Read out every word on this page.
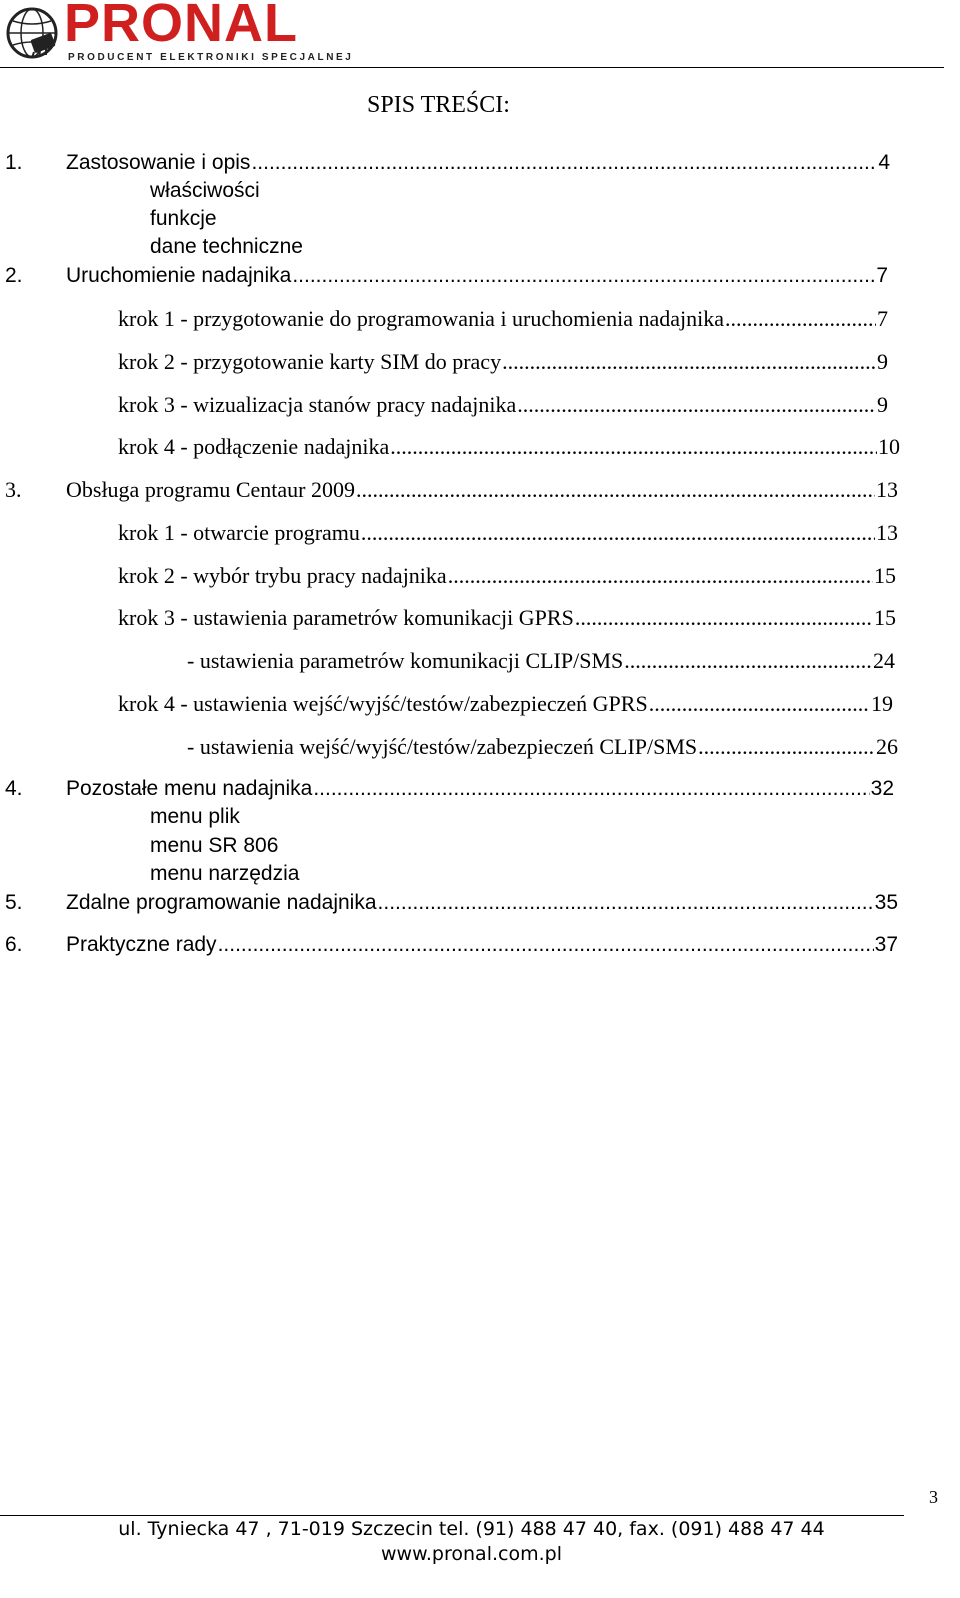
PRONAL
PRODUCENT ELEKTRONIKI SPECJALNEJ
SPIS TREŚCI:
1. Zastosowanie i opis .....	4
właściwości
funkcje
dane techniczne
2. Uruchomienie nadajnika .....	7
krok 1 - przygotowanie do programowania i uruchomienia nadajnika .....	7
krok 2 - przygotowanie karty SIM do pracy .....	9
krok 3 - wizualizacja stanów pracy nadajnika .....	9
krok 4 - podłączenie nadajnika .....	10
3. Obsługa programu Centaur 2009 .....	13
krok 1 - otwarcie programu .....	13
krok 2 - wybór trybu pracy nadajnika .....	15
krok 3 - ustawienia parametrów komunikacji GPRS .....	15
- ustawienia parametrów komunikacji CLIP/SMS .....	24
krok 4 - ustawienia wejść/wyjść/testów/zabezpieczeń GPRS .....	19
- ustawienia wejść/wyjść/testów/zabezpieczeń CLIP/SMS .....	26
4. Pozostałe menu nadajnika .....	32
menu plik
menu SR 806
menu narzędzia
5. Zdalne programowanie nadajnika .....	35
6. Praktyczne rady .....	37
3
ul. Tyniecka 47 , 71-019 Szczecin tel. (91) 488 47 40, fax. (091) 488 47 44
www.pronal.com.pl
